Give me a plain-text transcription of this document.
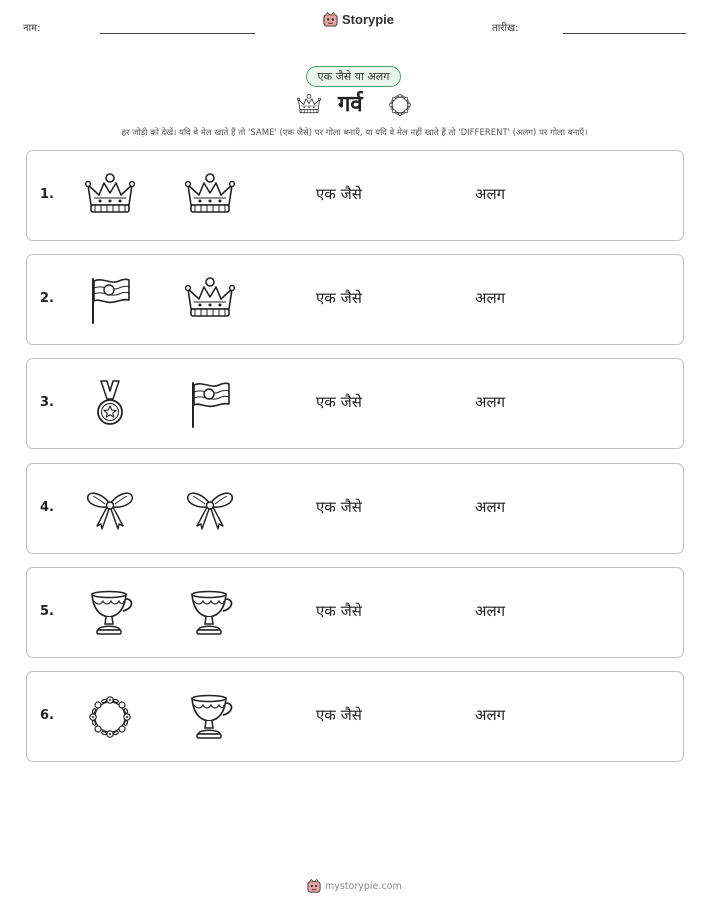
नाम:
Storypie
तारीख:
एक जैसे या अलग
गर्व
हर जोड़ी को देखें। यदि वे मेल खाते हैं तो 'SAME' (एक जैसे) पर गोला बनाएँ, या यदि वे मेल नहीं खाते हैं तो 'DIFFERENT' (अलग) पर गोला बनाएँ।
1.	एक जैसे	अलग
2.	एक जैसे	अलग
3.	एक जैसे	अलग
4.	एक जैसे	अलग
5.	एक जैसे	अलग
6.	एक जैसे	अलग
mystorypie.com
